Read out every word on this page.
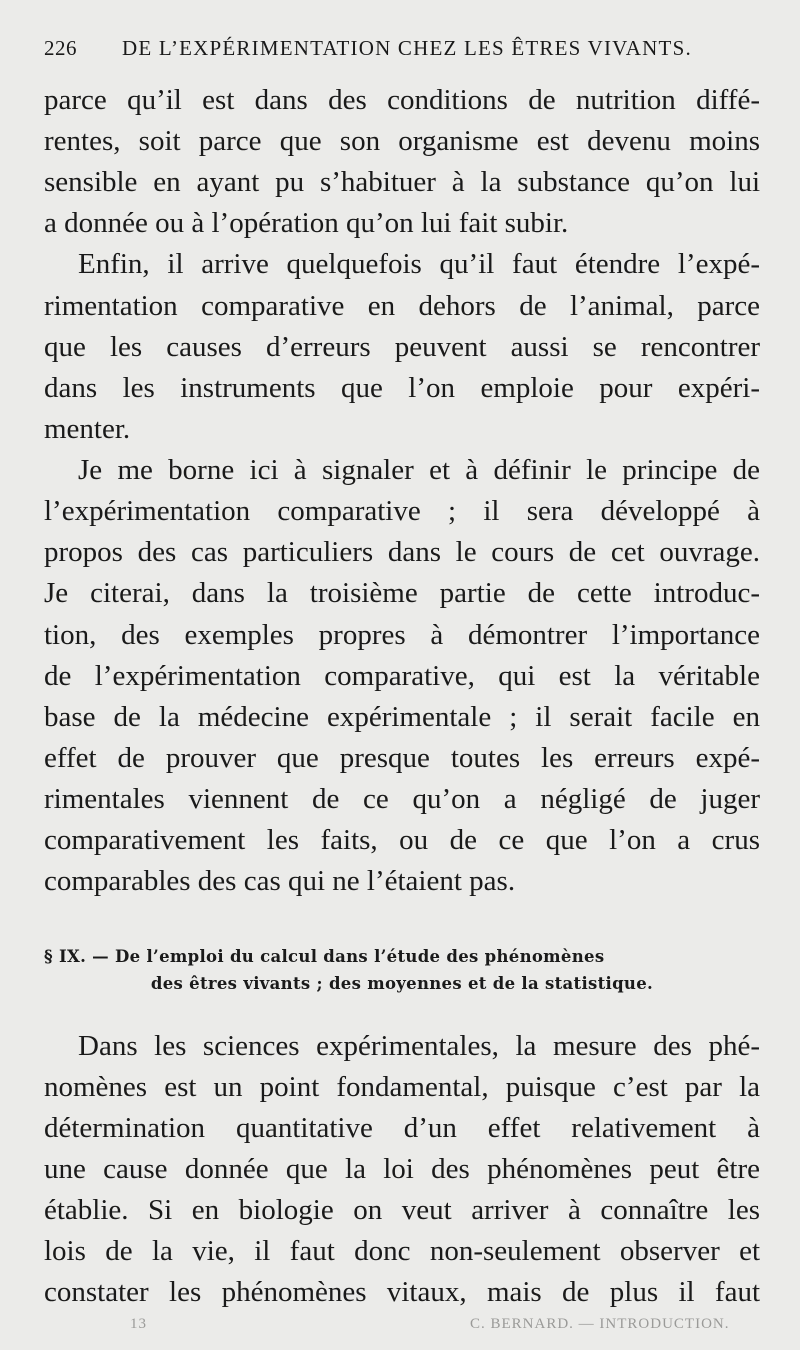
226 DE L’EXPÉRIMENTATION CHEZ LES ÊTRES VIVANTS.
parce qu’il est dans des conditions de nutrition diffé-
rentes, soit parce que son organisme est devenu moins
sensible en ayant pu s’habituer à la substance qu’on lui
a donnée ou à l’opération qu’on lui fait subir.
Enfin, il arrive quelquefois qu’il faut étendre l’expé-
rimentation comparative en dehors de l’animal, parce
que les causes d’erreurs peuvent aussi se rencontrer
dans les instruments que l’on emploie pour expéri-
menter.
Je me borne ici à signaler et à définir le principe de
l’expérimentation comparative ; il sera développé à
propos des cas particuliers dans le cours de cet ouvrage.
Je citerai, dans la troisième partie de cette introduc-
tion, des exemples propres à démontrer l’importance
de l’expérimentation comparative, qui est la véritable
base de la médecine expérimentale ; il serait facile en
effet de prouver que presque toutes les erreurs expé-
rimentales viennent de ce qu’on a négligé de juger
comparativement les faits, ou de ce que l’on a crus
comparables des cas qui ne l’étaient pas.
§ IX. — De l’emploi du calcul dans l’étude des phénomènes
des êtres vivants ; des moyennes et de la statistique.
Dans les sciences expérimentales, la mesure des phé-
nomènes est un point fondamental, puisque c’est par la
détermination quantitative d’un effet relativement à
une cause donnée que la loi des phénomènes peut être
établie. Si en biologie on veut arriver à connaître les
lois de la vie, il faut donc non-seulement observer et
constater les phénomènes vitaux, mais de plus il faut
13	C. BERNARD. — INTRODUCTION.
